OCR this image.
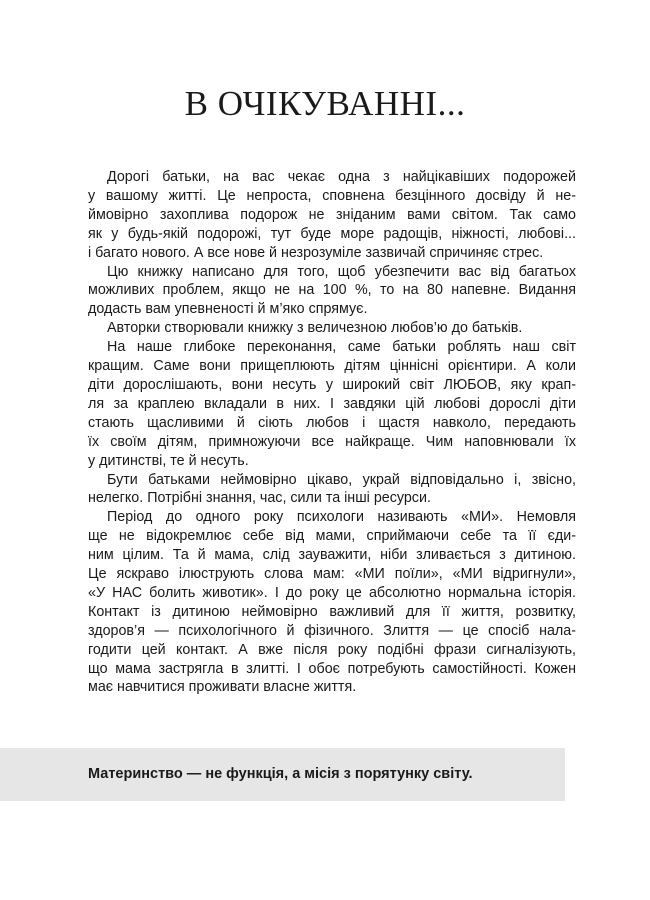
В ОЧІКУВАННІ...
Дорогі батьки, на вас чекає одна з найцікавіших подорожей
у вашому житті. Це непроста, сповнена безцінного досвіду й не-
ймовірно захоплива подорож не зніданим вами світом. Так само
як у будь-якій подорожі, тут буде море радощів, ніжності, любові...
і багато нового. А все нове й незрозуміле зазвичай спричиняє стрес.
Цю книжку написано для того, щоб убезпечити вас від багатьох
можливих проблем, якщо не на 100 %, то на 80 напевне. Видання
додасть вам упевненості й м’яко спрямує.
Авторки створювали книжку з величезною любов’ю до батьків.
На наше глибоке переконання, саме батьки роблять наш світ
кращим. Саме вони прищеплюють дітям ціннісні орієнтири. А коли
діти дорослішають, вони несуть у широкий світ ЛЮБОВ, яку крап-
ля за краплею вкладали в них. І завдяки цій любові дорослі діти
стають щасливими й сіють любов і щастя навколо, передають
їх своїм дітям, примножуючи все найкраще. Чим наповнювали їх
у дитинстві, те й несуть.
Бути батьками неймовірно цікаво, украй відповідально і, звісно,
нелегко. Потрібні знання, час, сили та інші ресурси.
Період до одного року психологи називають «МИ». Немовля
ще не відокремлює себе від мами, сприймаючи себе та її єди-
ним цілим. Та й мама, слід зауважити, ніби зливається з дитиною.
Це яскраво ілюструють слова мам: «МИ поїли», «МИ відригнули»,
«У НАС болить животик». І до року це абсолютно нормальна історія.
Контакт із дитиною неймовірно важливий для її життя, розвитку,
здоров’я — психологічного й фізичного. Злиття — це спосіб нала-
годити цей контакт. А вже після року подібні фрази сигналізують,
що мама застрягла в злитті. І обоє потребують самостійності. Кожен
має навчитися проживати власне життя.

Материнство — не функція, а місія з порятунку світу.
